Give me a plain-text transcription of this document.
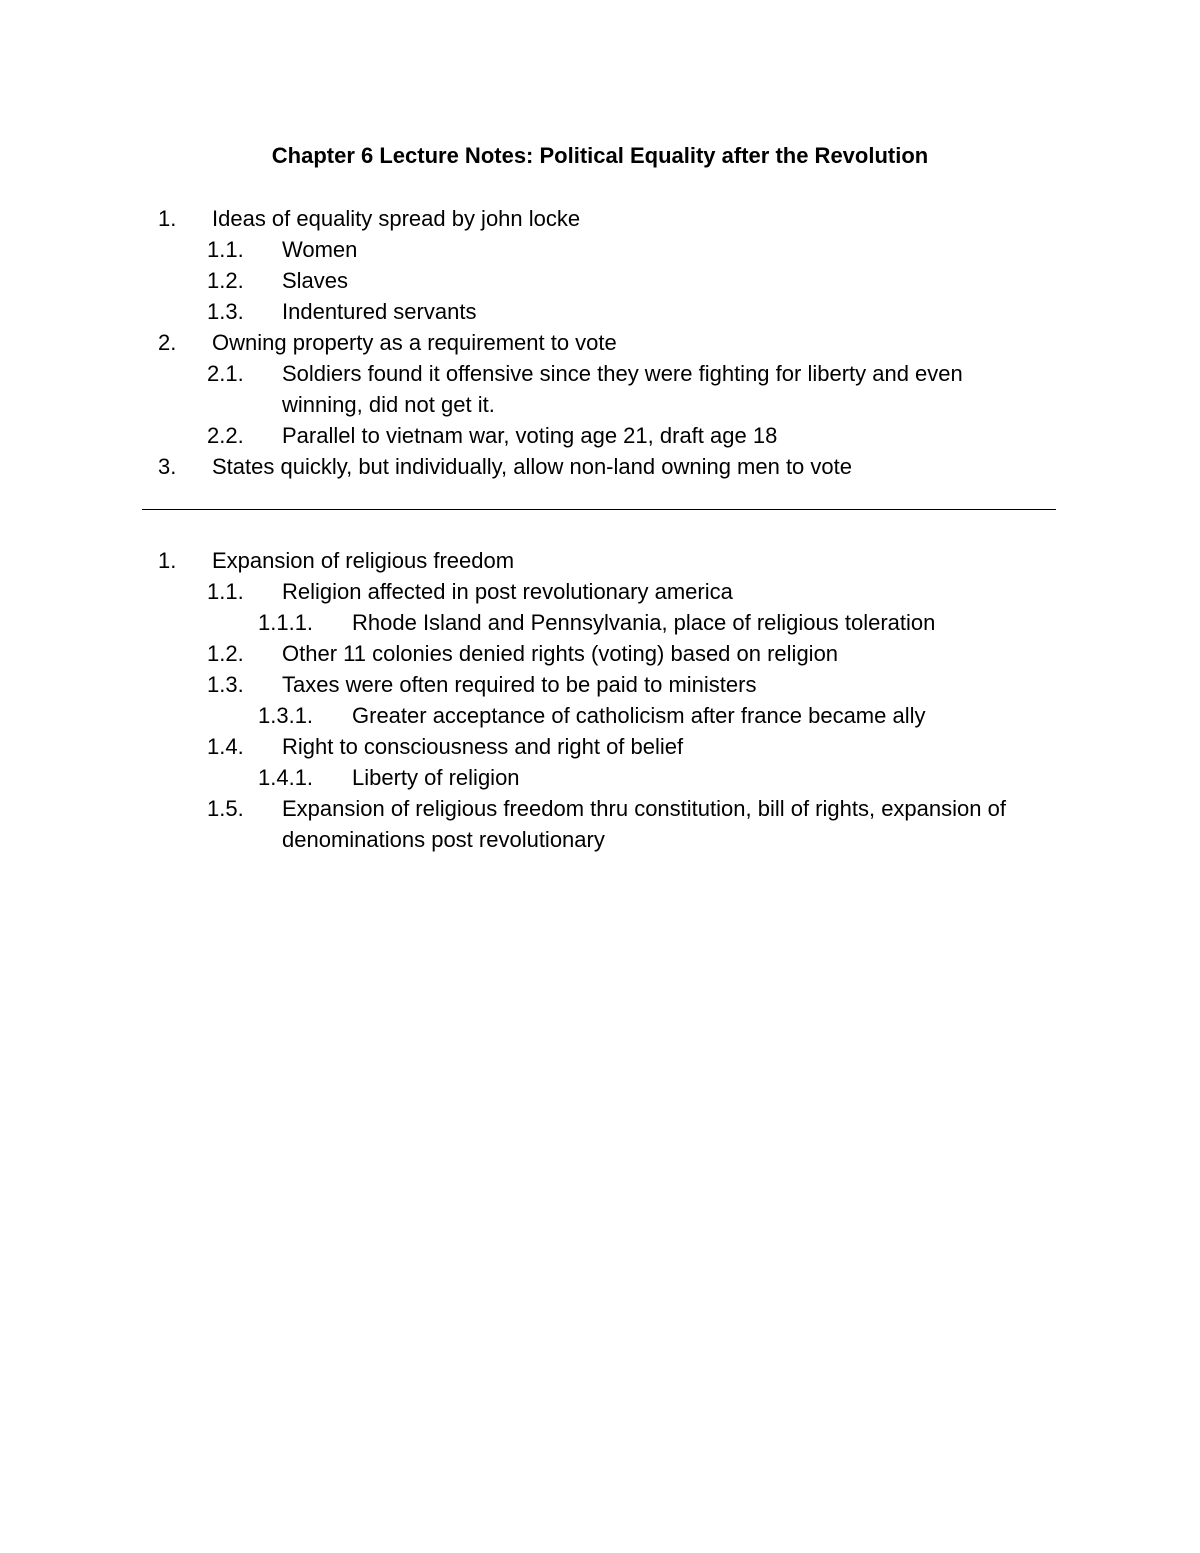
Chapter 6 Lecture Notes: Political Equality after the Revolution
1. Ideas of equality spread by john locke
1.1. Women
1.2. Slaves
1.3. Indentured servants
2. Owning property as a requirement to vote
2.1. Soldiers found it offensive since they were fighting for liberty and even winning, did not get it.
2.2. Parallel to vietnam war, voting age 21, draft age 18
3. States quickly, but individually, allow non-land owning men to vote
1. Expansion of religious freedom
1.1. Religion affected in post revolutionary america
1.1.1. Rhode Island and Pennsylvania, place of religious toleration
1.2. Other 11 colonies denied rights (voting) based on religion
1.3. Taxes were often required to be paid to ministers
1.3.1. Greater acceptance of catholicism after france became ally
1.4. Right to consciousness and right of belief
1.4.1. Liberty of religion
1.5. Expansion of religious freedom thru constitution, bill of rights, expansion of denominations post revolutionary
